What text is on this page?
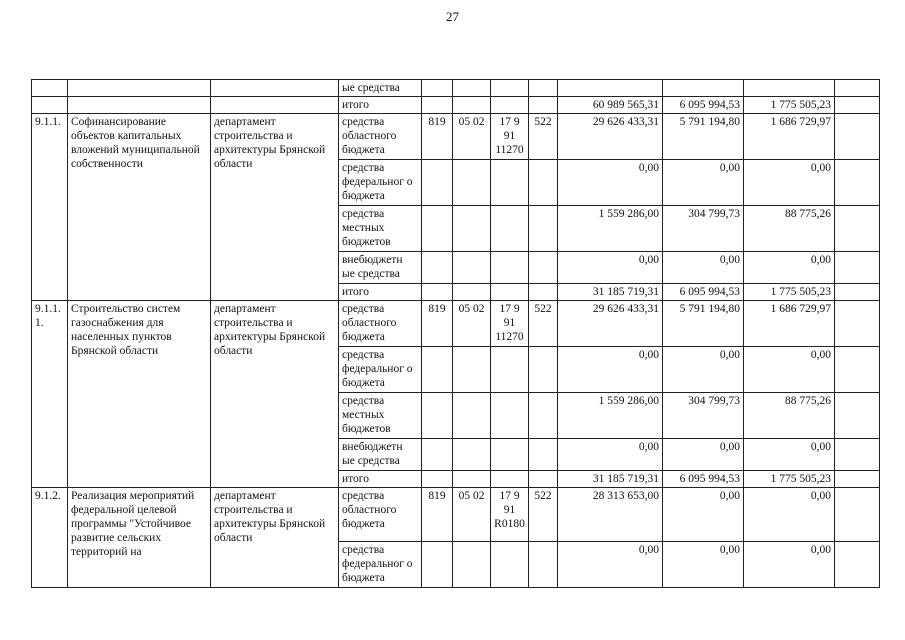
27
			ые средства								
			итого					60 989 565,31	6 095 994,53	1 775 505,23	
9.1.1.	Софинансирование объектов капитальных вложений муниципальной собственности	департамент строительства и архитектуры Брянской области	средства областного бюджета	819	05 02	17 9 91 11270	522	29 626 433,31	5 791 194,80	1 686 729,97	
			средства федеральног о бюджета					0,00	0,00	0,00	
			средства местных бюджетов					1 559 286,00	304 799,73	88 775,26	
			внебюджетн ые средства					0,00	0,00	0,00	
			итого					31 185 719,31	6 095 994,53	1 775 505,23	
9.1.1.1.	Строительство систем газоснабжения для населенных пунктов Брянской области	департамент строительства и архитектуры Брянской области	средства областного бюджета	819	05 02	17 9 91 11270	522	29 626 433,31	5 791 194,80	1 686 729,97	
			средства федеральног о бюджета					0,00	0,00	0,00	
			средства местных бюджетов					1 559 286,00	304 799,73	88 775,26	
			внебюджетн ые средства					0,00	0,00	0,00	
			итого					31 185 719,31	6 095 994,53	1 775 505,23	
9.1.2.	Реализация мероприятий федеральной целевой программы "Устойчивое развитие сельских территорий на	департамент строительства и архитектуры Брянской области	средства областного бюджета	819	05 02	17 9 91 R0180	522	28 313 653,00	0,00	0,00	
			средства федеральног о бюджета					0,00	0,00	0,00	
